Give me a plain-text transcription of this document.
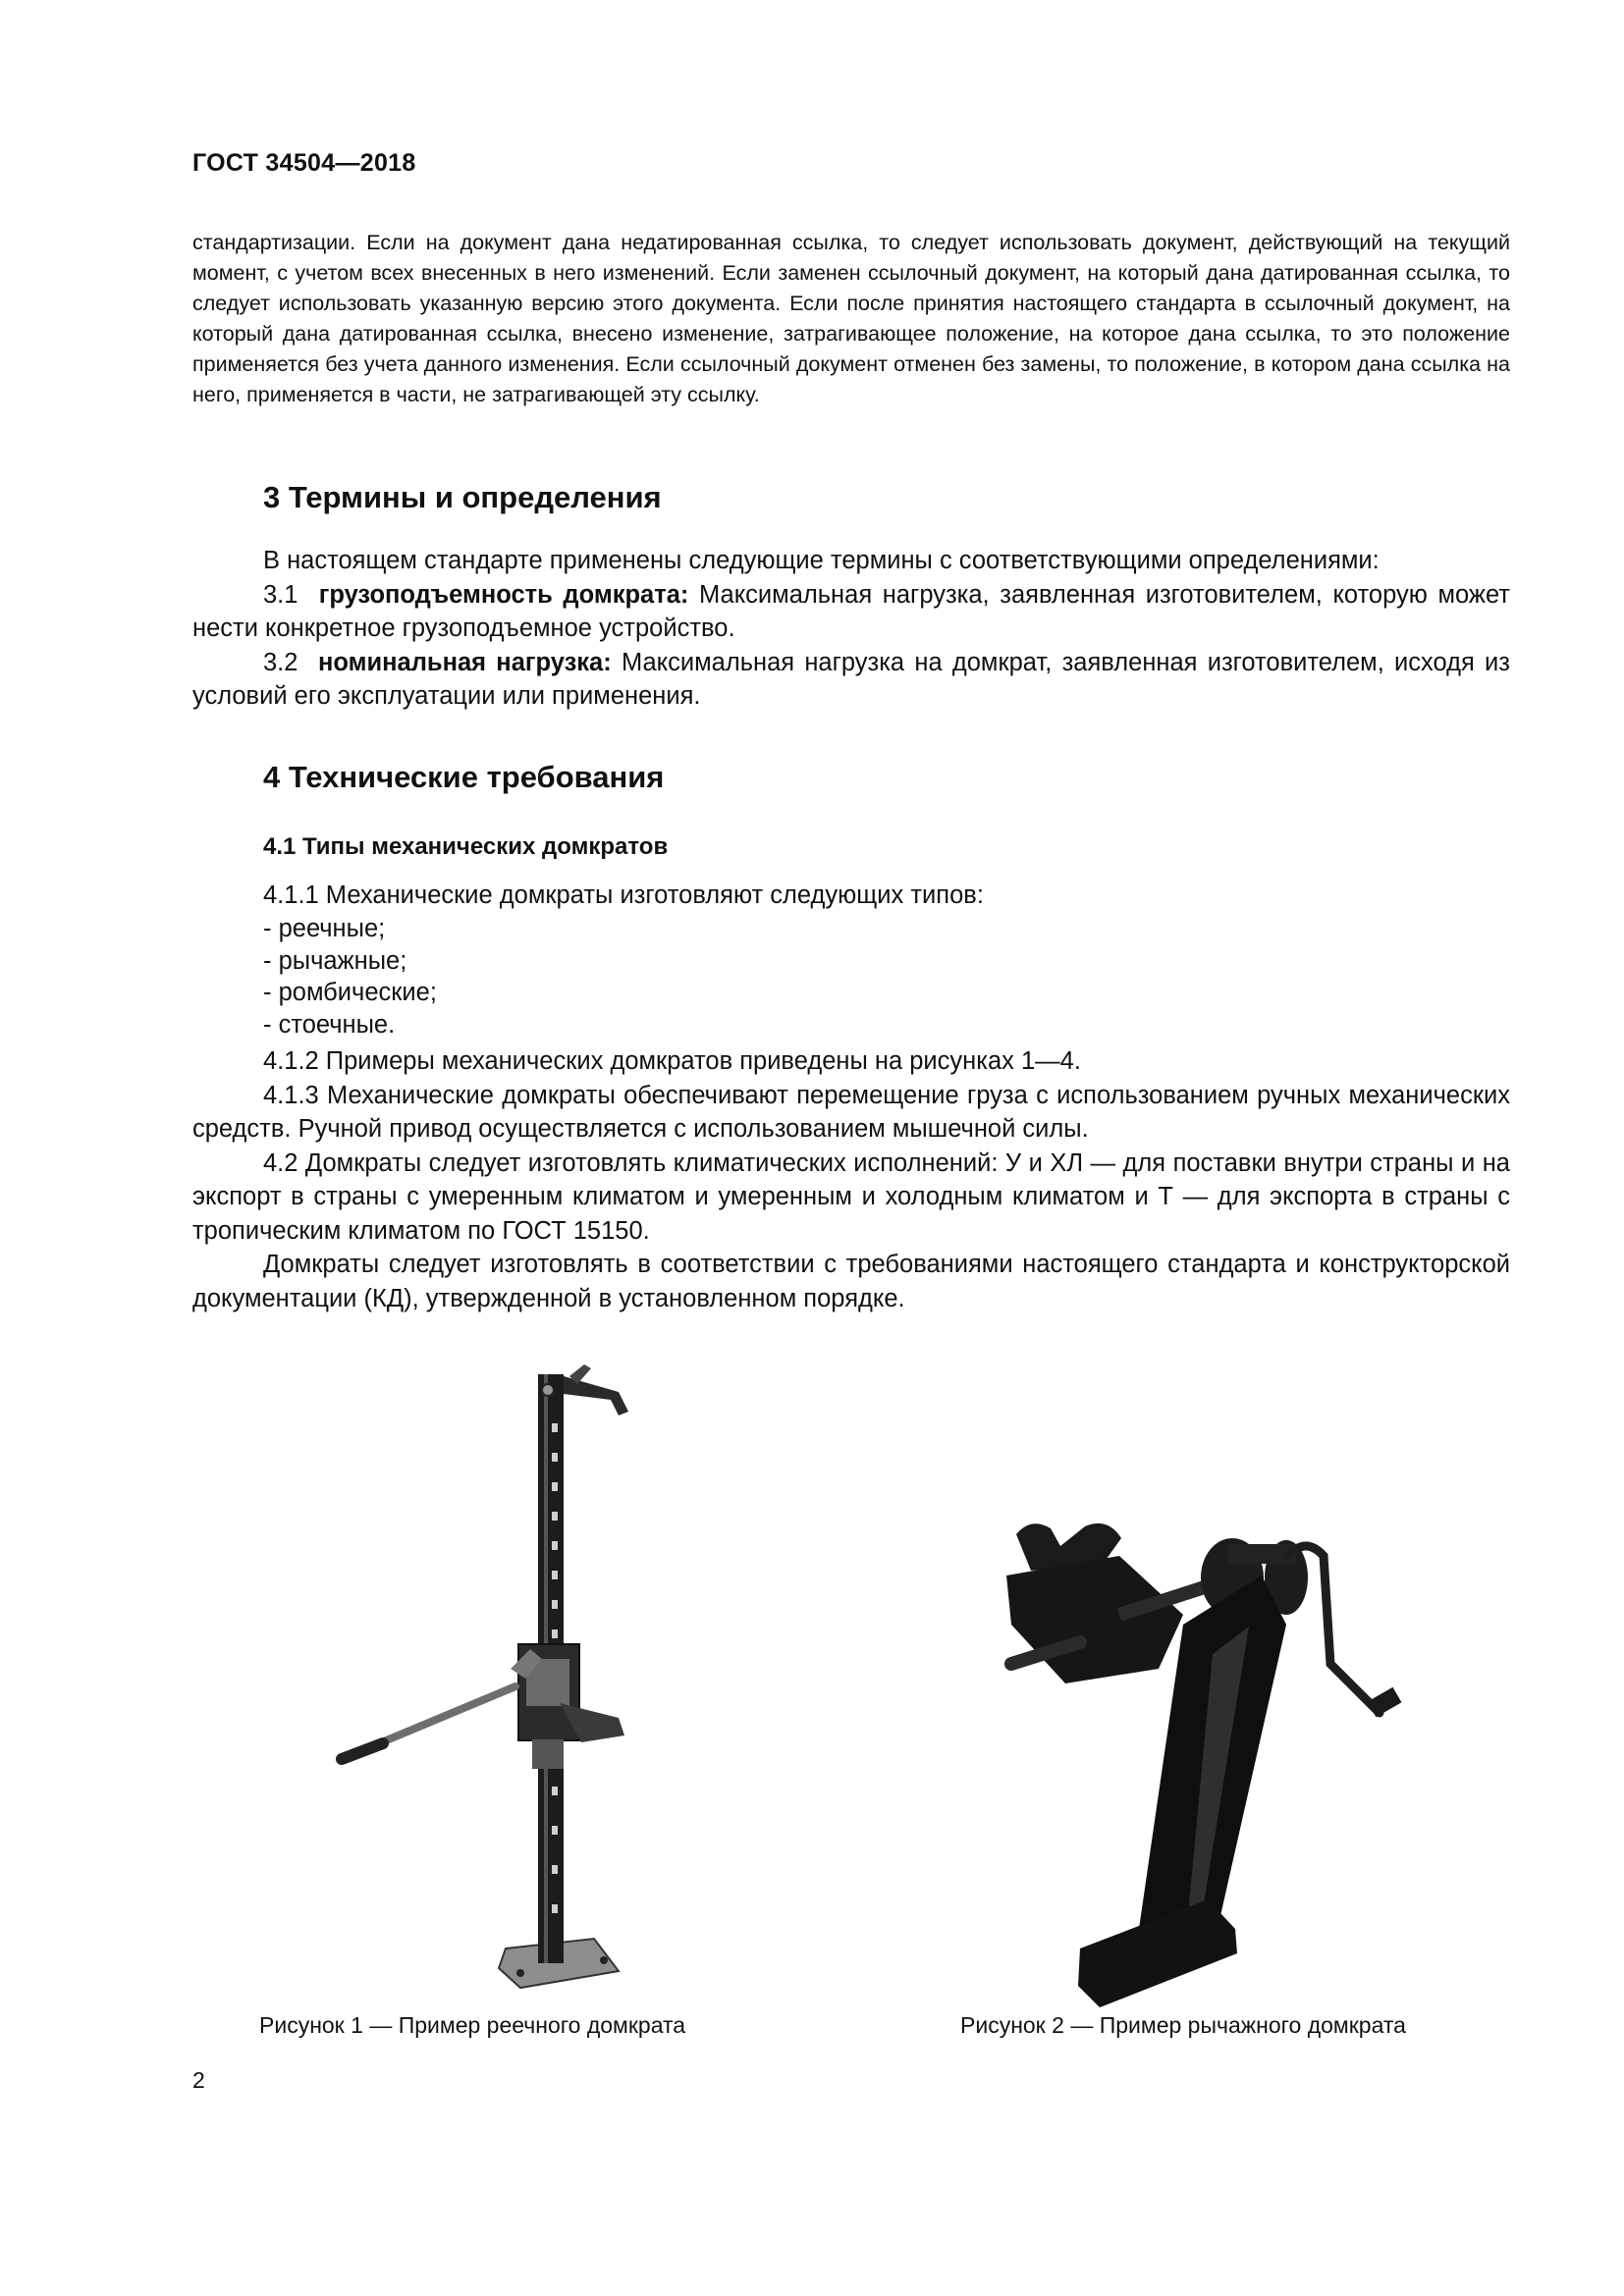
ГОСТ 34504—2018

стандартизации. Если на документ дана недатированная ссылка, то следует использовать документ, действующий на текущий момент, с учетом всех внесенных в него изменений. Если заменен ссылочный документ, на который дана датированная ссылка, то следует использовать указанную версию этого документа. Если после принятия настоящего стандарта в ссылочный документ, на который дана датированная ссылка, внесено изменение, затрагивающее положение, на которое дана ссылка, то это положение применяется без учета данного изменения. Если ссылочный документ отменен без замены, то положение, в котором дана ссылка на него, применяется в части, не затрагивающей эту ссылку.

3 Термины и определения

В настоящем стандарте применены следующие термины с соответствующими определениями:

3.1 грузоподъемность домкрата: Максимальная нагрузка, заявленная изготовителем, которую может нести конкретное грузоподъемное устройство.

3.2 номинальная нагрузка: Максимальная нагрузка на домкрат, заявленная изготовителем, исходя из условий его эксплуатации или применения.

4 Технические требования
4.1 Типы механических домкратов

4.1.1 Механические домкраты изготовляют следующих типов:

- реечные;
- рычажные;
- ромбические;
- стоечные.

4.1.2 Примеры механических домкратов приведены на рисунках 1—4.

4.1.3 Механические домкраты обеспечивают перемещение груза с использованием ручных механических средств. Ручной привод осуществляется с использованием мышечной силы.

4.2 Домкраты следует изготовлять климатических исполнений: У и ХЛ — для поставки внутри страны и на экспорт в страны с умеренным климатом и умеренным и холодным климатом и Т — для экспорта в страны с тропическим климатом по ГОСТ 15150.

Домкраты следует изготовлять в соответствии с требованиями настоящего стандарта и конструкторской документации (КД), утвержденной в установленном порядке.

Рисунок 1 — Пример реечного домкрата	Рисунок 2 — Пример рычажного домкрата
2
